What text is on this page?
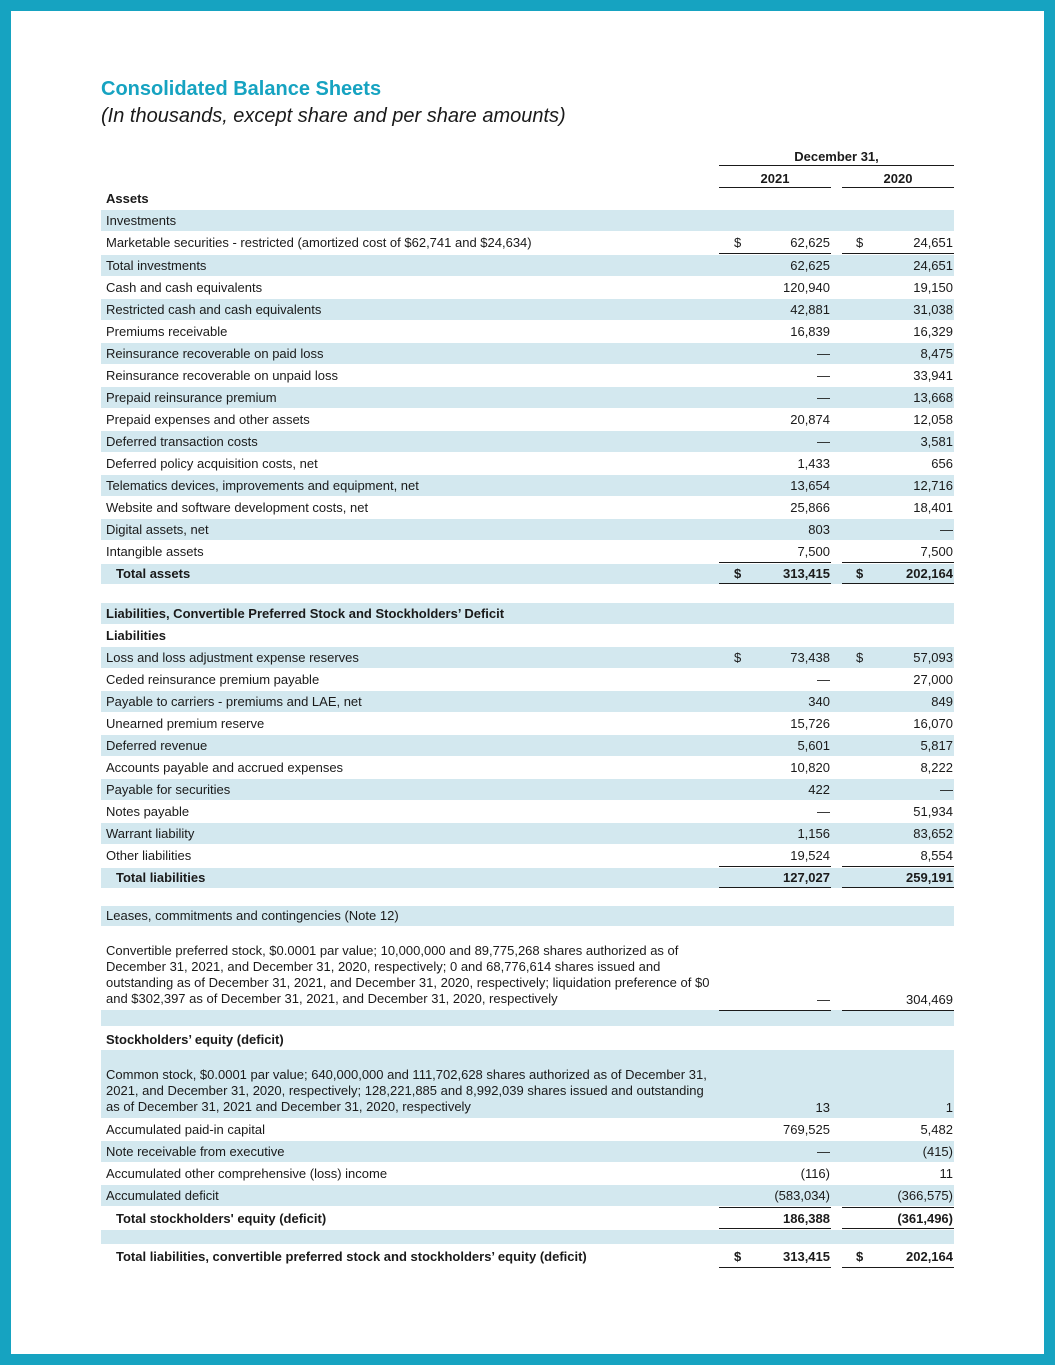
Consolidated Balance Sheets
(In thousands, except share and per share amounts)
December 31,
2021	2020
Assets
Investments
Marketable securities - restricted (amortized cost of $62,741 and $24,634)	$	62,625 $	24,651
Total investments	62,625	24,651
Cash and cash equivalents	120,940	19,150
Restricted cash and cash equivalents	42,881	31,038
Premiums receivable	16,839	16,329
Reinsurance recoverable on paid loss	—	8,475
Reinsurance recoverable on unpaid loss	—	33,941
Prepaid reinsurance premium	—	13,668
Prepaid expenses and other assets	20,874	12,058
Deferred transaction costs	—	3,581
Deferred policy acquisition costs, net	1,433	656
Telematics devices, improvements and equipment, net	13,654	12,716
Website and software development costs, net	25,866	18,401
Digital assets, net	803	—
Intangible assets	7,500	7,500
Total assets	$	313,415 $	202,164
Liabilities, Convertible Preferred Stock and Stockholders’ Deficit
Liabilities
Loss and loss adjustment expense reserves	$	73,438 $	57,093
Ceded reinsurance premium payable	—	27,000
Payable to carriers - premiums and LAE, net	340	849
Unearned premium reserve	15,726	16,070
Deferred revenue	5,601	5,817
Accounts payable and accrued expenses	10,820	8,222
Payable for securities	422	—
Notes payable	—	51,934
Warrant liability	1,156	83,652
Other liabilities	19,524	8,554
Total liabilities	127,027	259,191
Leases, commitments and contingencies (Note 12)
Convertible preferred stock, $0.0001 par value; 10,000,000 and 89,775,268 shares authorized as of December 31, 2021, and December 31, 2020, respectively; 0 and 68,776,614 shares issued and outstanding as of December 31, 2021, and December 31, 2020, respectively; liquidation preference of $0 and $302,397 as of December 31, 2021, and December 31, 2020, respectively	—	304,469
Stockholders’ equity (deficit)
Common stock, $0.0001 par value; 640,000,000 and 111,702,628 shares authorized as of December 31, 2021, and December 31, 2020, respectively; 128,221,885 and 8,992,039 shares issued and outstanding as of December 31, 2021 and December 31, 2020, respectively	13	1
Accumulated paid-in capital	769,525	5,482
Note receivable from executive	—	(415)
Accumulated other comprehensive (loss) income	(116)	11
Accumulated deficit	(583,034)	(366,575)
Total stockholders' equity (deficit)	186,388	(361,496)
Total liabilities, convertible preferred stock and stockholders’ equity (deficit)	$	313,415 $	202,164
